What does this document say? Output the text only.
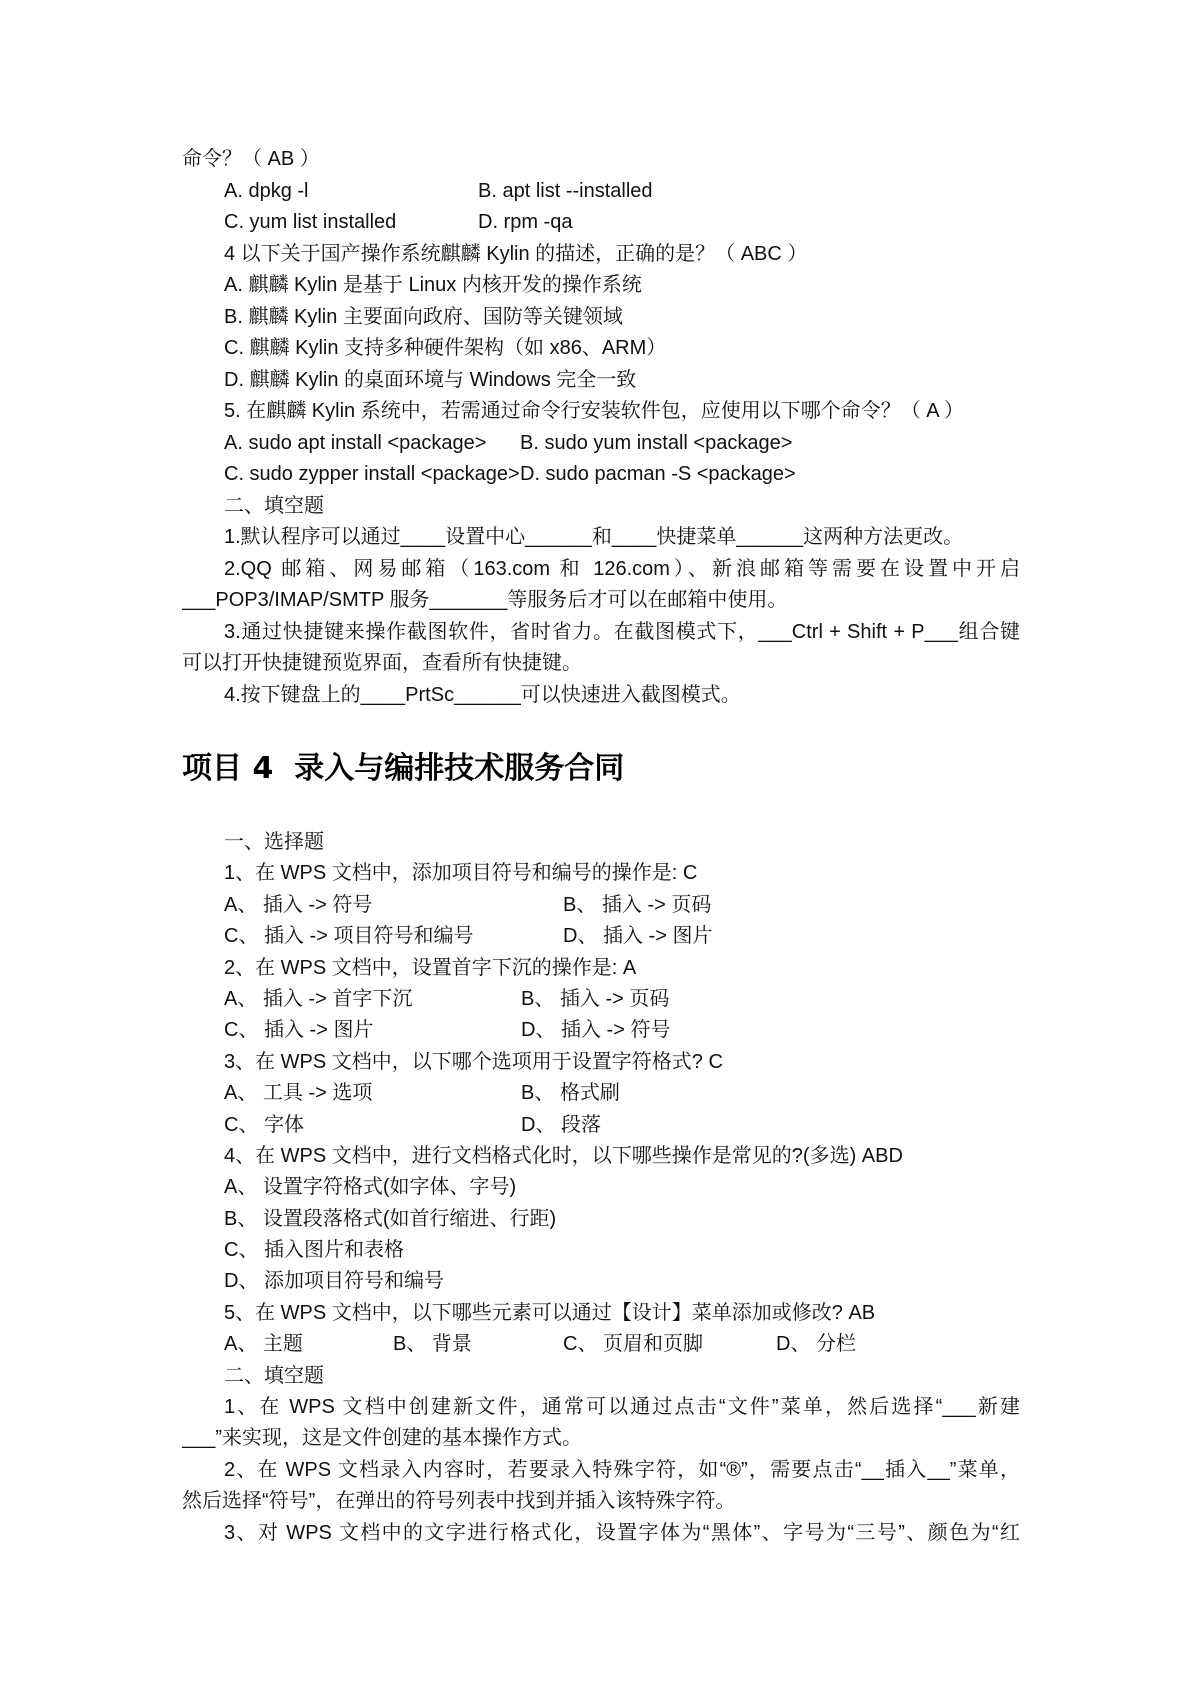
命令？（ AB ）

A. dpkg -l

	B. apt list --installed

C. yum list installed

	D. rpm -qa

4 以下关于国产操作系统麒麟 Kylin 的描述，正确的是？（ ABC ）
A. 麒麟 Kylin 是基于 Linux 内核开发的操作系统
B. 麒麟 Kylin 主要面向政府、国防等关键领域
C. 麒麟 Kylin 支持多种硬件架构（如 x86、ARM）
D. 麒麟 Kylin 的桌面环境与 Windows 完全一致
5. 在麒麟 Kylin 系统中，若需通过命令行安装软件包，应使用以下哪个命令？（ A ）

A. sudo apt install <package>

B. sudo yum install <package>

C. sudo zypper install <package>

D. sudo pacman -S <package>

二、填空题
1.默认程序可以通过____设置中心______和____快捷菜单______这两种方法更改。
2.QQ 邮箱、网易邮箱（163.com 和 126.com）、新浪邮箱等需要在设置中开启
___POP3/IMAP/SMTP 服务_______等服务后才可以在邮箱中使用。
3.通过快捷键来操作截图软件，省时省力。在截图模式下，___Ctrl + Shift + P___组合键
可以打开快捷键预览界面，查看所有快捷键。
4.按下键盘上的____PrtSc______可以快速进入截图模式。
项目 4  录入与编排技术服务合同
一、选择题
1、在 WPS 文档中，添加项目符号和编号的操作是: C

A、 插入 -> 符号

	B、 插入 -> 页码

C、 插入 -> 项目符号和编号

	D、 插入 -> 图片

2、在 WPS 文档中，设置首字下沉的操作是: A

A、 插入 -> 首字下沉

	B、 插入 -> 页码

C、 插入 -> 图片

	D、 插入 -> 符号

3、在 WPS 文档中，以下哪个选项用于设置字符格式? C

A、 工具 -> 选项

	B、 格式刷

C、 字体

	D、 段落

4、在 WPS 文档中，进行文档格式化时，以下哪些操作是常见的?(多选) ABD
A、 设置字符格式(如字体、字号)
B、 设置段落格式(如首行缩进、行距)
C、 插入图片和表格
D、 添加项目符号和编号
5、在 WPS 文档中，以下哪些元素可以通过【设计】菜单添加或修改? AB

A、 主题

	B、 背景

	C、 页眉和页脚

	D、 分栏

二、填空题
1、在 WPS 文档中创建新文件，通常可以通过点击“文件”菜单，然后选择“___新建
___”来实现，这是文件创建的基本操作方式。
2、在 WPS 文档录入内容时，若要录入特殊字符，如“®”，需要点击“__插入__”菜单，
然后选择“符号”，在弹出的符号列表中找到并插入该特殊字符。
3、对 WPS 文档中的文字进行格式化，设置字体为“黑体”、字号为“三号”、颜色为“红
